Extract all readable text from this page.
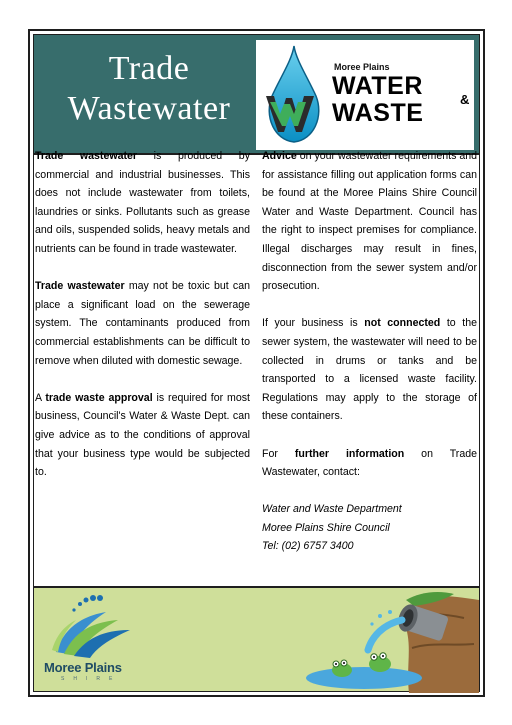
Trade
Wastewater
Moree Plains
WATER
WASTE	&
Moree Plains
SHIRE

Trade wastewater is produced by commercial and industrial businesses. This does not include wastewater from toilets, laundries or sinks. Pollutants such as grease and oils, suspended solids, heavy metals and nutrients can be found in trade wastewater.

Trade wastewater may not be toxic but can place a significant load on the sewerage system. The contaminants produced from commercial establishments can be difficult to remove when diluted with domestic sewage.

A trade waste approval is required for most business, Council's Water & Waste Dept. can give advice as to the conditions of approval that your business type would be subjected to.

Advice on your wastewater requirements and for assistance filling out application forms can be found at the Moree Plains Shire Council Water and Waste Department. Council has the right to inspect premises for compliance. Illegal discharges may result in fines, disconnection from the sewer system and/or prosecution.

If your business is not connected to the sewer system, the wastewater will need to be collected in drums or tanks and be transported to a licensed waste facility. Regulations may apply to the storage of these containers.

For further information on Trade Wastewater, contact:

Water and Waste Department
Moree Plains Shire Council
Tel: (02) 6757 3400
